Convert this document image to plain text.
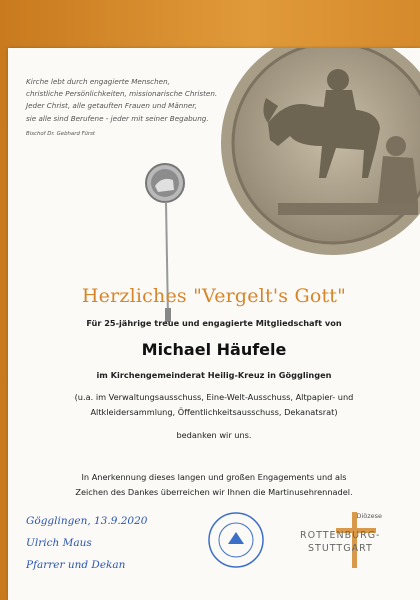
Kirche lebt durch engagierte Menschen,

christliche Persönlichkeiten, missionarische Christen.

Jeder Christ, alle getauften Frauen und Männer,

sie alle sind Berufene - jeder mit seiner Begabung.

Bischof Dr. Gebhard Fürst

Herzliches "Vergelt's Gott"
Für 25-jährige treue und engagierte Mitgliedschaft von
Michael Häufele
im Kirchengemeinderat Heilig-Kreuz in Gögglingen
(u.a. im Verwaltungsausschuss, Eine-Welt-Ausschuss, Altpapier- und
Altkleidersammlung, Öffentlichkeitsausschuss, Dekanatsrat)
bedanken wir uns.
In Anerkennung dieses langen und großen Engagements und als
Zeichen des Dankes überreichen wir Ihnen die Martinusehrennadel.
Gögglingen, 13.9.2020
Ulrich Maus
Pfarrer und Dekan
Diözese
ROTTENBURG-
STUTTGART
